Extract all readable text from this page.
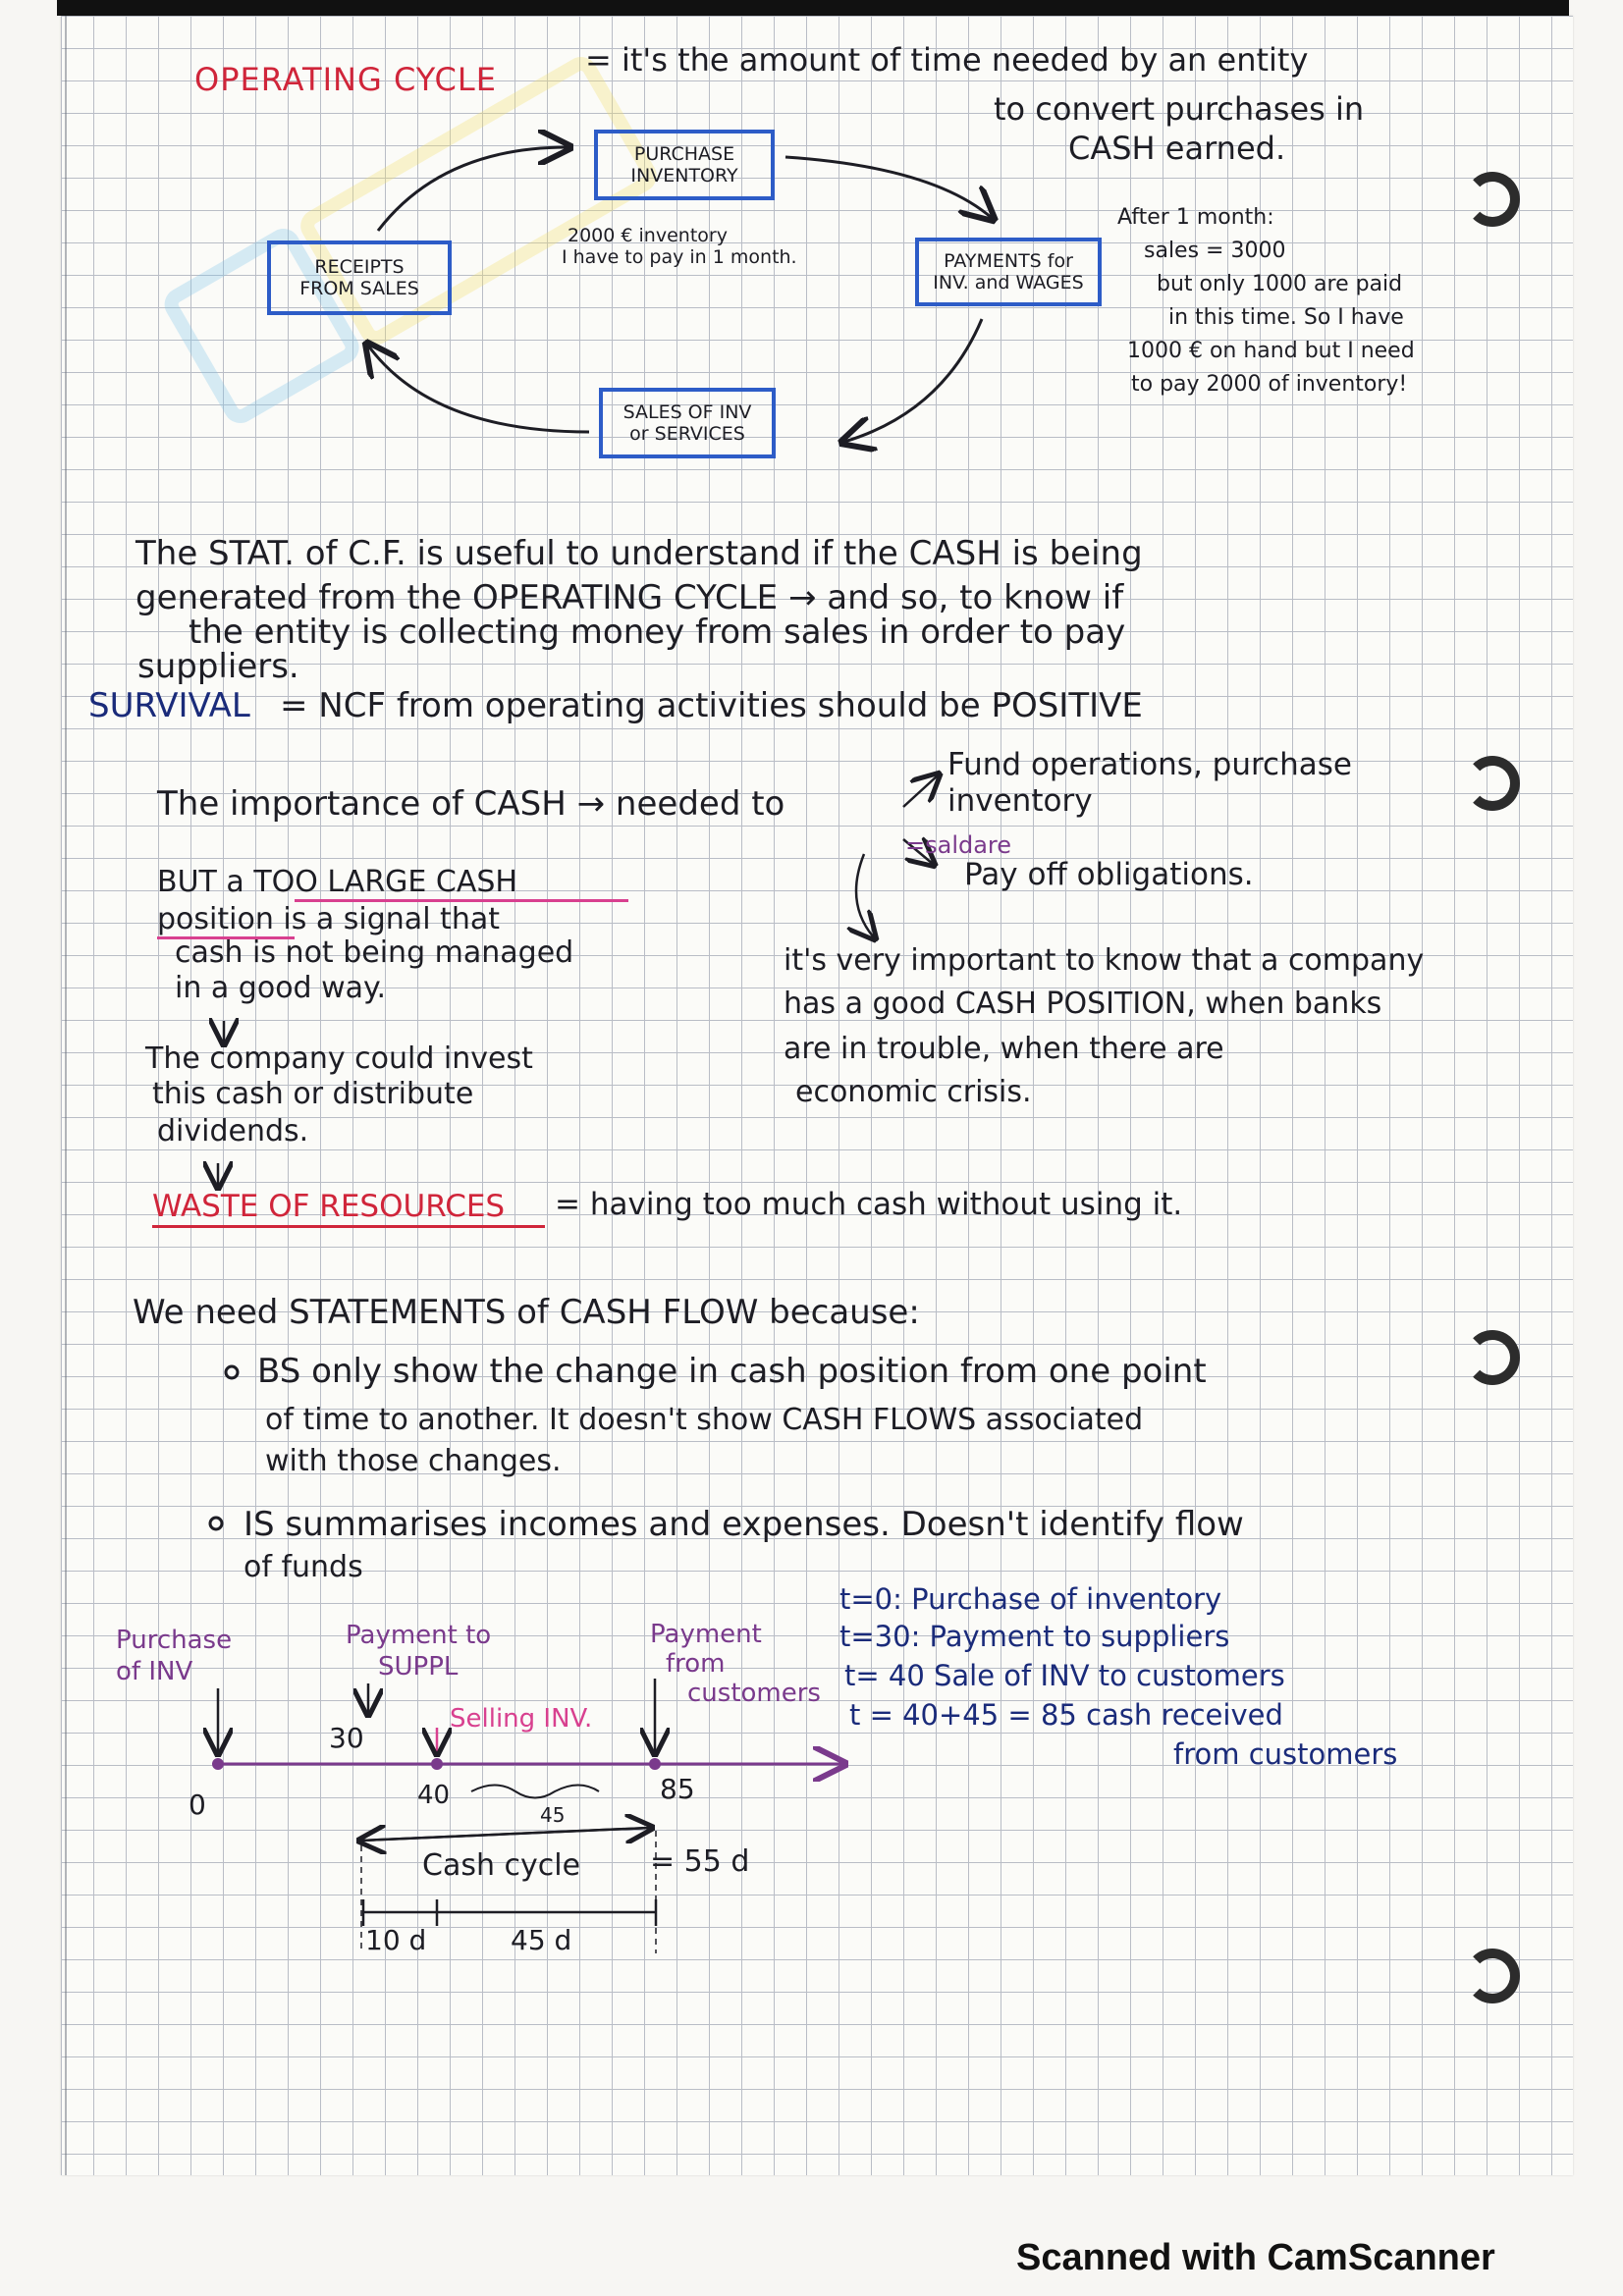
OPERATING CYCLE

= it's the amount of time needed by an entity

to convert purchases in

CASH earned.

PURCHASE
INVENTORY
PAYMENTS for
INV. and WAGES
SALES OF INV
or SERVICES
RECEIPTS
FROM SALES

2000 € inventory

I have to pay in 1 month.

After 1 month:

sales = 3000

but only 1000 are paid

in this time. So I have

1000 € on hand but I need

to pay 2000 of inventory!

The STAT. of C.F. is useful to understand if the CASH is being

generated from the OPERATING CYCLE → and so, to know if

the entity is collecting money from sales in order to pay

suppliers.

SURVIVAL = NCF from operating activities should be POSITIVE

The importance of CASH → needed to

Fund operations, purchase

inventory

=saldare

Pay off obligations.

BUT a TOO LARGE CASH

position is a signal that

cash is not being managed

in a good way.

The company could invest

this cash or distribute

dividends.

it's very important to know that a company

has a good CASH POSITION, when banks

are in trouble, when there are

economic crisis.

WASTE OF RESOURCES = having too much cash without using it.

We need STATEMENTS of CASH FLOW because:

BS only show the change in cash position from one point

of time to another. It doesn't show CASH FLOWS associated

with those changes.

IS summarises incomes and expenses. Doesn't identify flow

of funds

Purchase

of INV

Payment to

SUPPL

Payment

from

customers

Selling INV.

0

30

40	85

45

Cash cycle = 55 d

10 d	45 d

t=0: Purchase of inventory

t=30: Payment to suppliers

t= 40 Sale of INV to customers

t = 40+45 = 85 cash received

from customers

Scanned with CamScanner
